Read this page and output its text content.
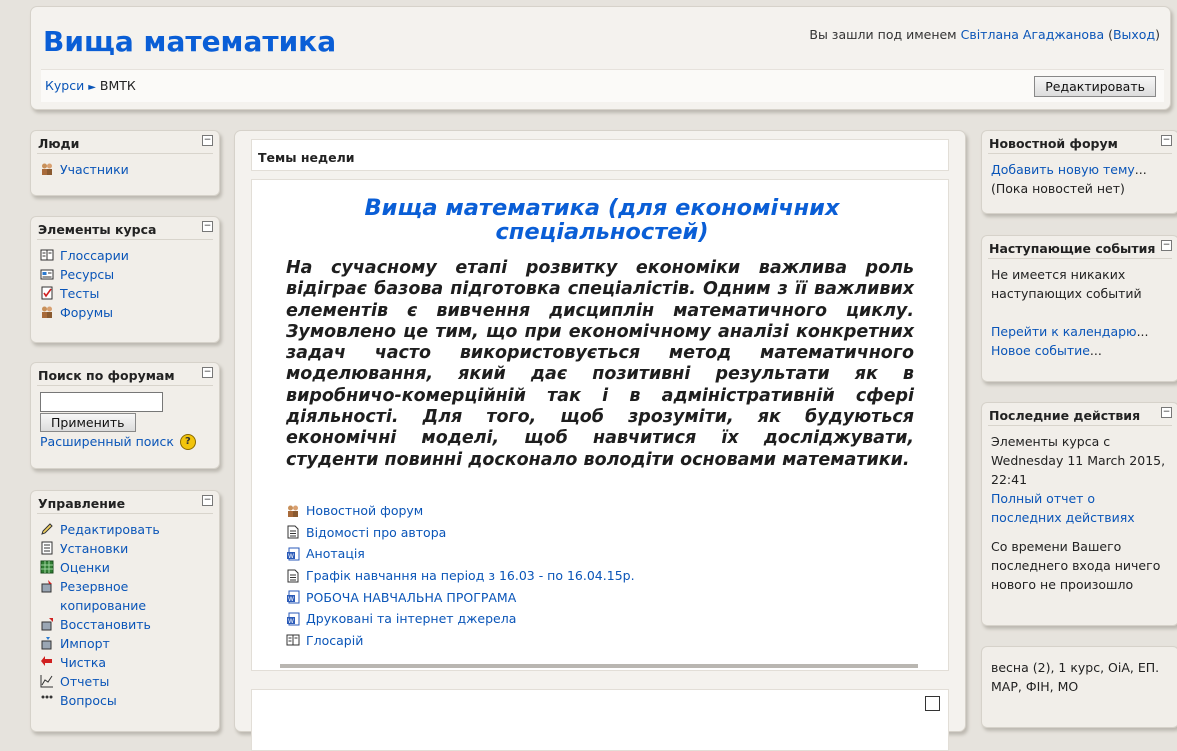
Вища математика	Вы зашли под именем Світлана Агаджанова (Выход)
Курси ► ВМТК	Редактировать
Люди	−
Участники
Элементы курса	−
Глоссарии
Ресурсы
Тесты
Форумы
Поиск по форумам	−
Применить
Расширенный поиск	?
Управление	−
Редактировать
Установки
Оценки
Резервное копирование
Восстановить
Импорт
Чистка
Отчеты
Вопросы
Темы недели
Вища математика (для економічних спеціальностей)
На сучасному етапі розвитку економіки важлива роль відіграє базова підготовка спеціалістів. Одним з її важливих елементів є вивчення дисциплін математичного циклу. Зумовлено це тим, що при економічному аналізі конкретних задач часто використовується метод математичного моделювання, який дає позитивні результати як в виробничо-комерційній так і в адміністративній сфері діяльності. Для того, щоб зрозуміти, як будуються економічні моделі, щоб навчитися їх досліджувати, студенти повинні досконало володіти основами математики.
Новостной форум
Відомості про автора
W Анотація
Графік навчання на період з 16.03 - по 16.04.15р.
W РОБОЧА НАВЧАЛЬНА ПРОГРАМА
W Друковані та інтернет джерела
Глосарій
Новостной форум	−
Добавить новую тему...
(Пока новостей нет)
Наступающие события −
Не имеется никаких наступающих событий
Перейти к календарю...
Новое событие...
Последние действия	−
Элементы курса с Wednesday 11 March 2015, 22:41
Полный отчет о последних действиях
Со времени Вашего последнего входа ничего нового не произошло
весна (2), 1 курс, ОіА, ЕП. МАР, ФІН, МО
